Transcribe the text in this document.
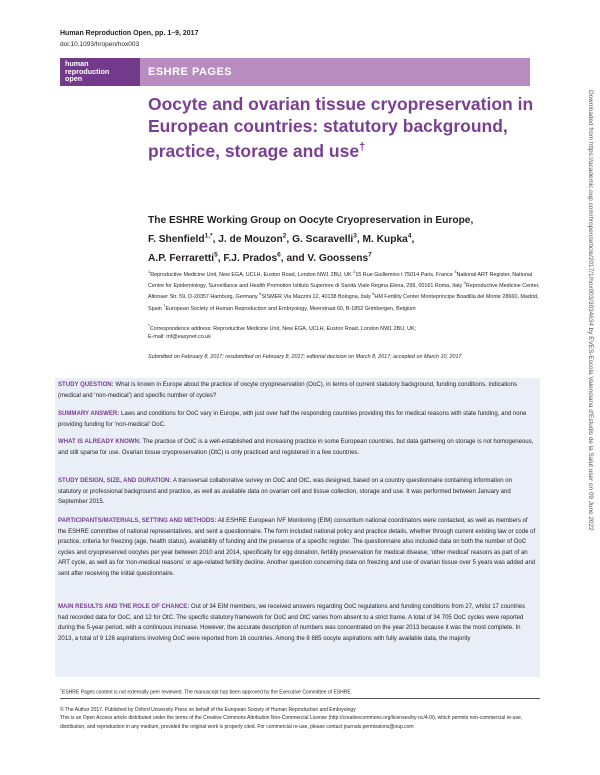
Human Reproduction Open, pp. 1–9, 2017
doi:10.1093/hropen/hox003
human
reproduction
open
ESHRE PAGES
Oocyte and ovarian tissue cryopreservation in European countries: statutory background, practice, storage and use†
The ESHRE Working Group on Oocyte Cryopreservation in Europe,
F. Shenfield$^{1,*}$, J. de Mouzon$^2$, G. Scaravelli$^3$, M. Kupka$^4$,
A.P. Ferraretti$^5$, F.J. Prados$^6$, and V. Goossens$^7$
$^1$Reproductive Medicine Unit, New EGA, UCLH, Euston Road, London NW1 2BU, UK $^2$15 Rue Guillemino t 75014 Paris, France $^3$National ART Register, National Centre for Epidemiology, Surveillance and Health Promotion Istituto Superiore di Sanità Viale Regina Elena, 299, 00161 Roma, Italy $^4$Reproductive Medicine Center, Altonaer Str. 59, D-20357 Hamburg, Germany $^5$SISMER Via Mazzini 12, 40138 Bologna, Italy $^6$HM Fertility Center Montepríncipe Boadilla del Monte 28660, Madrid, Spain $^7$European Society of Human Reproduction and Embryology, Meerstraat 60, B-1852 Grimbergen, Belgium
*Correspondence address: Reproductive Medicine Unit, New EGA, UCLH, Euston Road, London NW1 2BU, UK;
E-mail: mf@easynet.co.uk
Submitted on February 8, 2017; resubmitted on February 8, 2017; editorial decision on March 8, 2017; accepted on March 10, 2017
STUDY QUESTION: What is known in Europe about the practice of oocyte cryopreservation (OoC), in terms of current statutory background, funding conditions, indications (medical and ‘non-medical’) and specific number of cycles?
SUMMARY ANSWER: Laws and conditions for OoC vary in Europe, with just over half the responding countries providing this for medical reasons with state funding, and none providing funding for ‘non-medical’ OoC.
WHAT IS ALREADY KNOWN: The practice of OoC is a well-established and increasing practice in some European countries, but data gathering on storage is not homogeneous, and still sparse for use. Ovarian tissue cryopreservation (OtC) is only practiced and registered in a few countries.
STUDY DESIGN, SIZE, AND DURATION: A transversal collaborative survey on OoC and OtC, was designed, based on a country questionnaire containing information on statutory or professional background and practice, as well as available data on ovarian cell and tissue collection, storage and use. It was performed between January and September 2015.
PARTICIPANTS/MATERIALS, SETTING AND METHODS: All ESHRE European IVF Monitoring (EIM) consortium national coordinators were contacted, as well as members of the ESHRE committee of national representatives, and sent a questionnaire. The form included national policy and practice details, whether through current existing law or code of practice, criteria for freezing (age, health status), availability of funding and the presence of a specific register. The questionnaire also included data on both the number of OoC cycles and cryopreserved oocytes per year between 2010 and 2014, specifically for egg donation, fertility preservation for medical disease, ‘other medical’ reasons as part of an ART cycle, as well as for ‘non-medical reasons’ or age-related fertility decline. Another question concerning data on freezing and use of ovarian tissue over 5 years was added and sent after receiving the initial questionnaire.
MAIN RESULTS AND THE ROLE OF CHANCE: Out of 34 EIM members, we received answers regarding OoC regulations and funding conditions from 27, whilst 17 countries had recorded data for OoC, and 12 for OtC. The specific statutory framework for OoC and OtC varies from absent to a strict frame. A total of 34 705 OoC cycles were reported during the 5-year period, with a continuous increase. However, the accurate description of numbers was concentrated on the year 2013 because it was the most complete. In 2013, a total of 9 126 aspirations involving OoC were reported from 16 countries. Among the 8 885 oocyte aspirations with fully available data, the majority
†ESHRE Pages content is not externally peer reviewed. The manuscript has been approved by the Executive Committee of ESHRE.
© The Author 2017. Published by Oxford University Press on behalf of the European Society of Human Reproduction and Embryology
This is an Open Access article distributed under the terms of the Creative Commons Attribution Non-Commercial License (http://creativecommons.org/licenses/by-nc/4.0/), which permits non-commercial re-use, distribution, and reproduction in any medium, provided the original work is properly cited. For commercial re-use, please contact journals.permissions@oup.com
Downloaded from https://academic.oup.com/hropen/article/2017/1/hox003/3034634 by EVES-Escola Valenciana d'Estudis de la Salut user on 09 June 2022
